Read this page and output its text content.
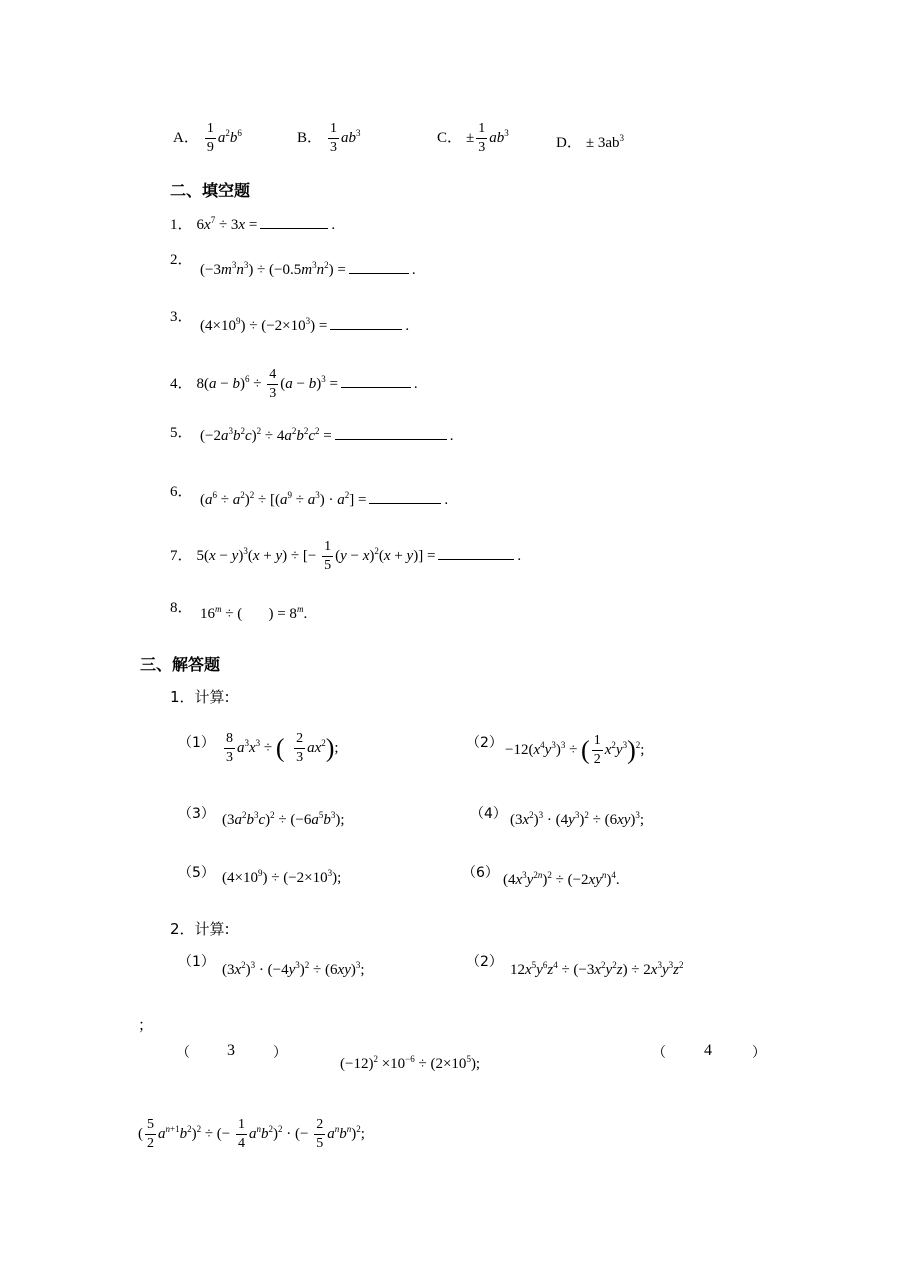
A． $\frac{1}{9} a^2b^6$	B． $\frac{1}{3} ab^3$	C． ± $\frac{1}{3} ab^3$
D． ± $3ab^3$
二、填空题
1． $6x^7 \div 3x$ =	.
2．
$(-3m^3n^3) \div (-0.5m^3n^2)$ =	.
3．
$(4\times 10^9) \div (-2\times 10^3)$ =	.
4． $8(a - b)^6 \div \frac{4}{3} (a - b)^3$ =	.
5． $(-2a^3b^2c)^2 \div 4a^2b^2c^2$ =	.
6． $(a^6 \div a^2)^2 \div [(a^9 \div a^3) \cdot a^2]$ =	.
7． $5(x - y)^3(x + y)$ ÷ [− $\frac{1}{5} (y - x)^2(x + y)$] =	.
8． $16^m$ ÷ (       ) = $8^m$.
三、解答题
1．计算:
$(1) \frac{8}{3} a^3x^3$ ÷ ( $\frac{2}{3} ax^2$);	$(2) -12(x^4y^3)^3$ ÷ ( $\frac{1}{2} x^2y^3)^2$;
（3） $(3a^2b^3c)^2 \div (-6a^5b^3)$;	（4） $(3x^2)^3 \cdot (4y^3)^2 \div (6xy)^3$;
（5） $(4\times 10^9) \div (-2\times 10^3)$;	（6） $(4x^3y^{2n})^2 \div (-2xy^n)^4$.
2．计算:
（1） $(3x^2)^3 \cdot (-4y^3)^2 \div (6xy)^3$;	（2） $12x^5y^6z^4 \div (-3x^2y^2z) \div 2x^3y^3z^2$
；
（ 3	）
$(-12)^2 \times 10^{-6} \div (2\times 10^5)$;
（ 4	）
( $\frac{5}{2} a^{n+1}b^2)^2$ ÷ (− $\frac{1}{4} a^nb^2)^2$ · (− $\frac{2}{5} a^nb^n)^2$;
